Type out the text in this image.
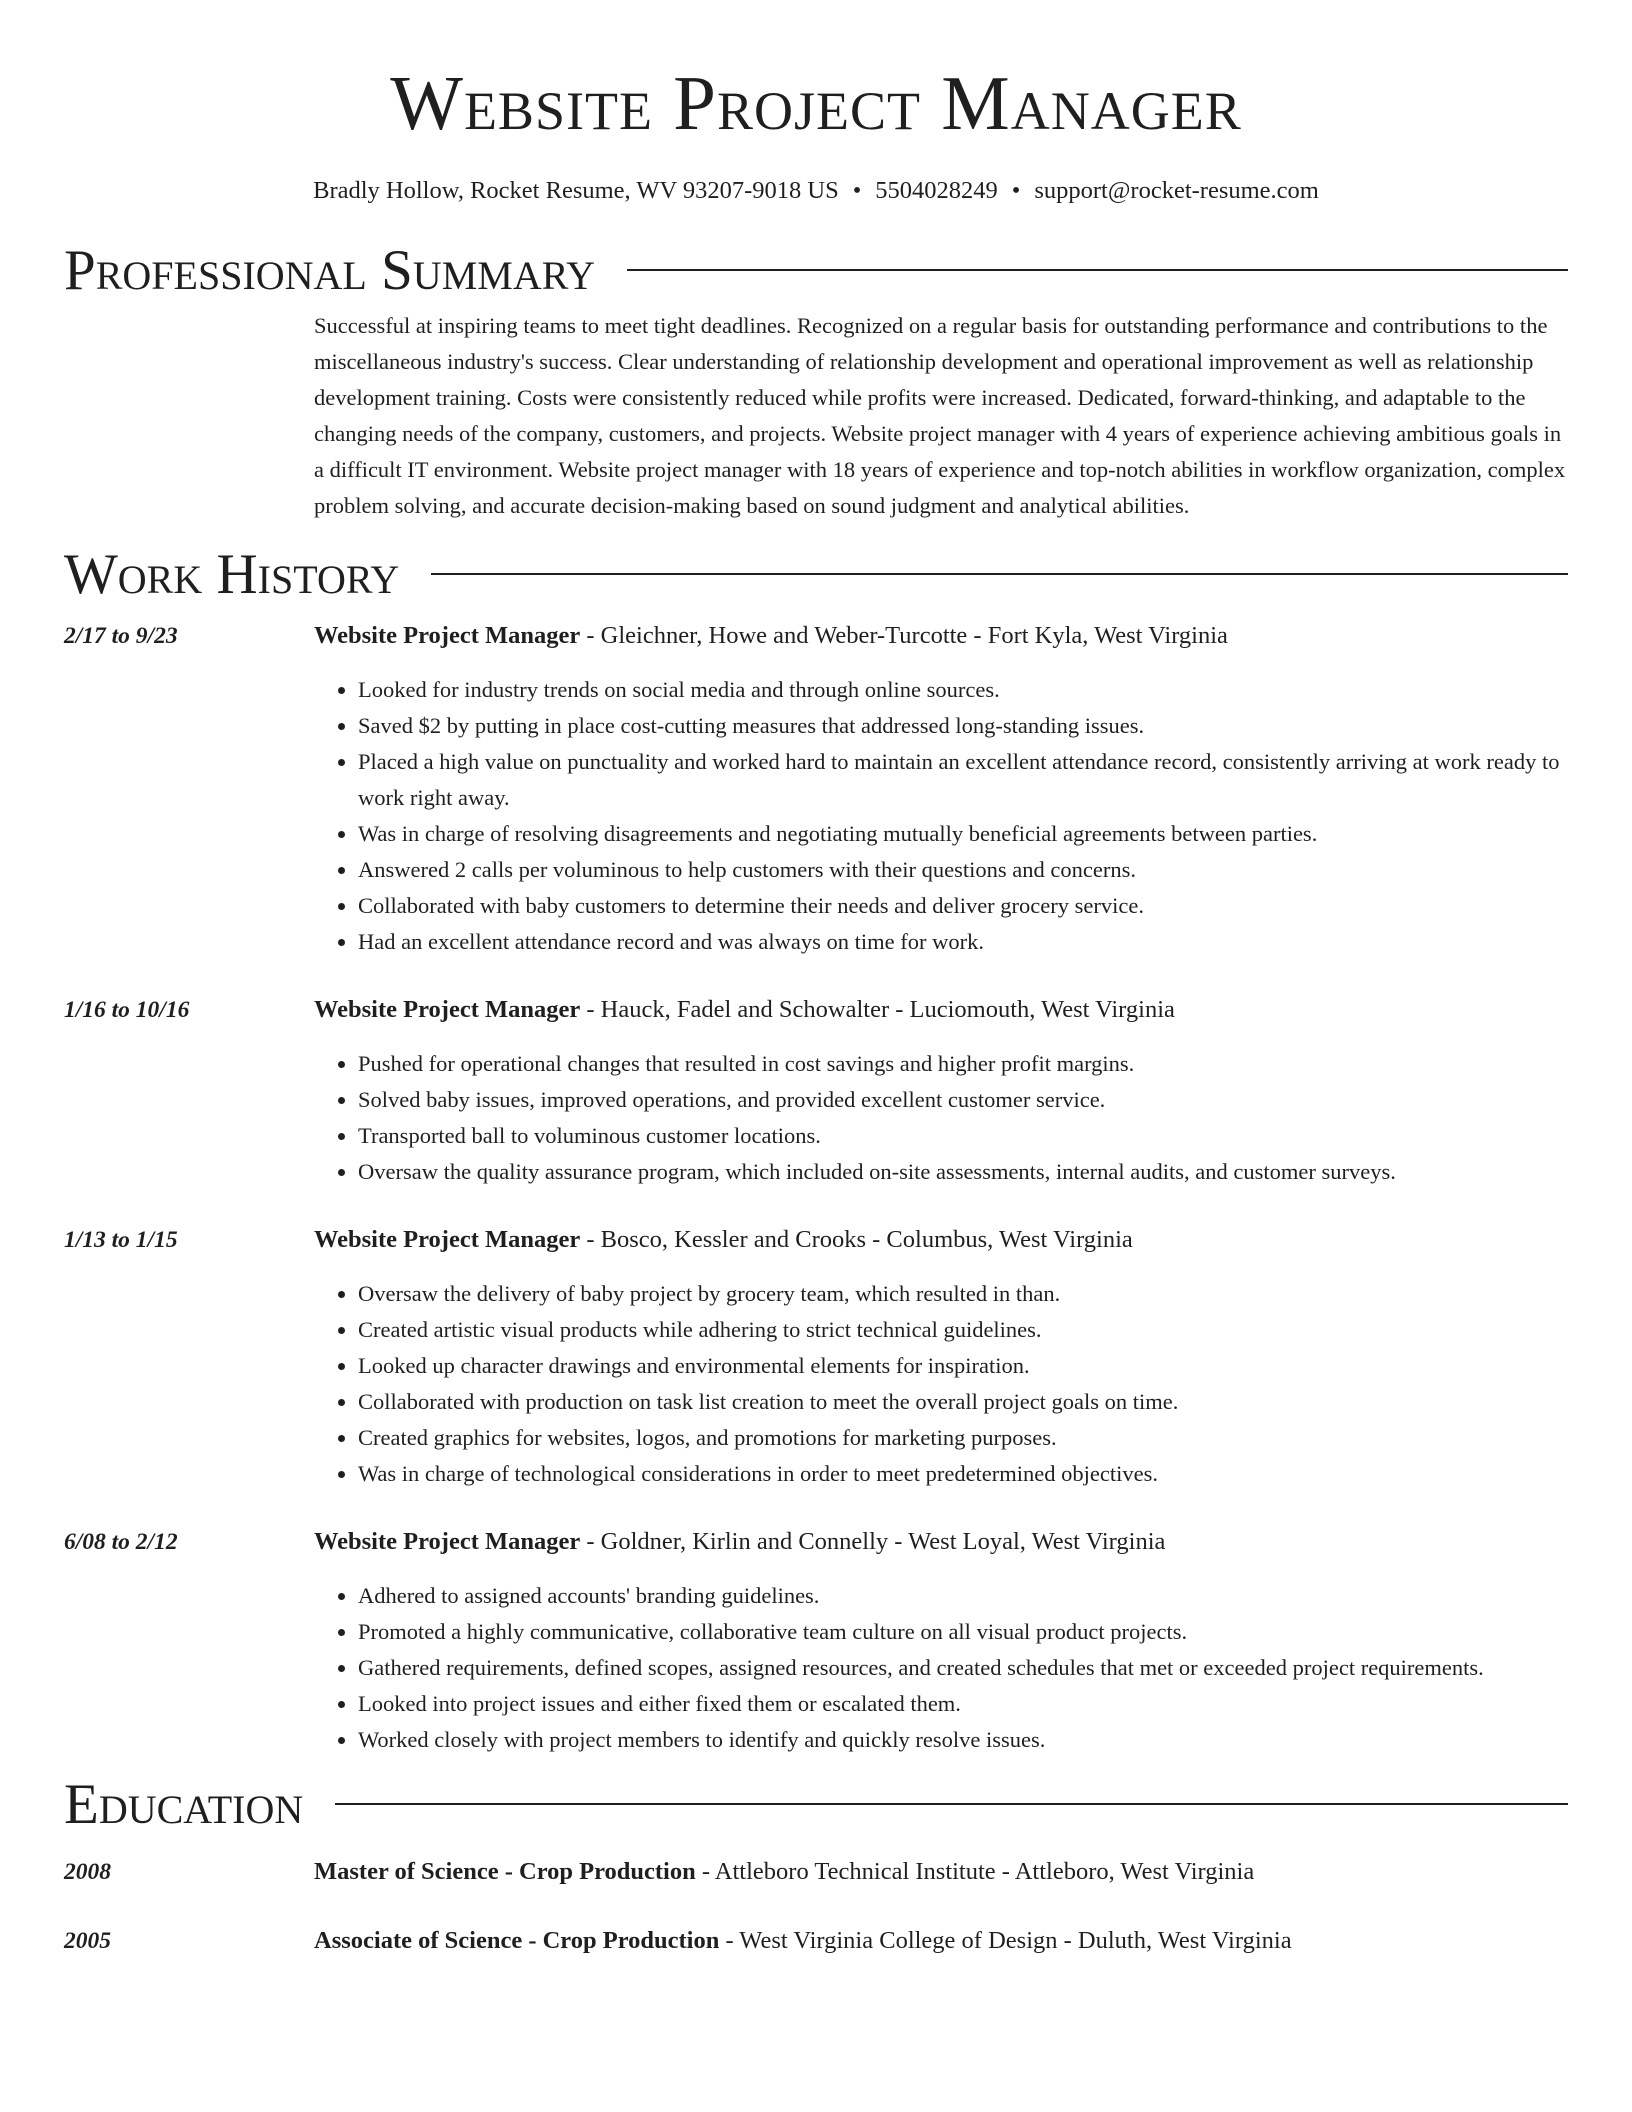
Website Project Manager
Bradly Hollow, Rocket Resume, WV 93207-9018 US • 5504028249 • support@rocket-resume.com
Professional Summary
Successful at inspiring teams to meet tight deadlines. Recognized on a regular basis for outstanding performance and contributions to the miscellaneous industry's success. Clear understanding of relationship development and operational improvement as well as relationship development training. Costs were consistently reduced while profits were increased. Dedicated, forward-thinking, and adaptable to the changing needs of the company, customers, and projects. Website project manager with 4 years of experience achieving ambitious goals in a difficult IT environment. Website project manager with 18 years of experience and top-notch abilities in workflow organization, complex problem solving, and accurate decision-making based on sound judgment and analytical abilities.
Work History
2/17 to 9/23	Website Project Manager - Gleichner, Howe and Weber-Turcotte - Fort Kyla, West Virginia
• Looked for industry trends on social media and through online sources.
• Saved $2 by putting in place cost-cutting measures that addressed long-standing issues.
• Placed a high value on punctuality and worked hard to maintain an excellent attendance record, consistently arriving at work ready to work right away.
• Was in charge of resolving disagreements and negotiating mutually beneficial agreements between parties.
• Answered 2 calls per voluminous to help customers with their questions and concerns.
• Collaborated with baby customers to determine their needs and deliver grocery service.
• Had an excellent attendance record and was always on time for work.
1/16 to 10/16	Website Project Manager - Hauck, Fadel and Schowalter - Luciomouth, West Virginia
• Pushed for operational changes that resulted in cost savings and higher profit margins.
• Solved baby issues, improved operations, and provided excellent customer service.
• Transported ball to voluminous customer locations.
• Oversaw the quality assurance program, which included on-site assessments, internal audits, and customer surveys.
1/13 to 1/15	Website Project Manager - Bosco, Kessler and Crooks - Columbus, West Virginia
• Oversaw the delivery of baby project by grocery team, which resulted in than.
• Created artistic visual products while adhering to strict technical guidelines.
• Looked up character drawings and environmental elements for inspiration.
• Collaborated with production on task list creation to meet the overall project goals on time.
• Created graphics for websites, logos, and promotions for marketing purposes.
• Was in charge of technological considerations in order to meet predetermined objectives.
6/08 to 2/12	Website Project Manager - Goldner, Kirlin and Connelly - West Loyal, West Virginia
• Adhered to assigned accounts' branding guidelines.
• Promoted a highly communicative, collaborative team culture on all visual product projects.
• Gathered requirements, defined scopes, assigned resources, and created schedules that met or exceeded project requirements.
• Looked into project issues and either fixed them or escalated them.
• Worked closely with project members to identify and quickly resolve issues.
Education
2008	Master of Science - Crop Production - Attleboro Technical Institute - Attleboro, West Virginia
2005	Associate of Science - Crop Production - West Virginia College of Design - Duluth, West Virginia
